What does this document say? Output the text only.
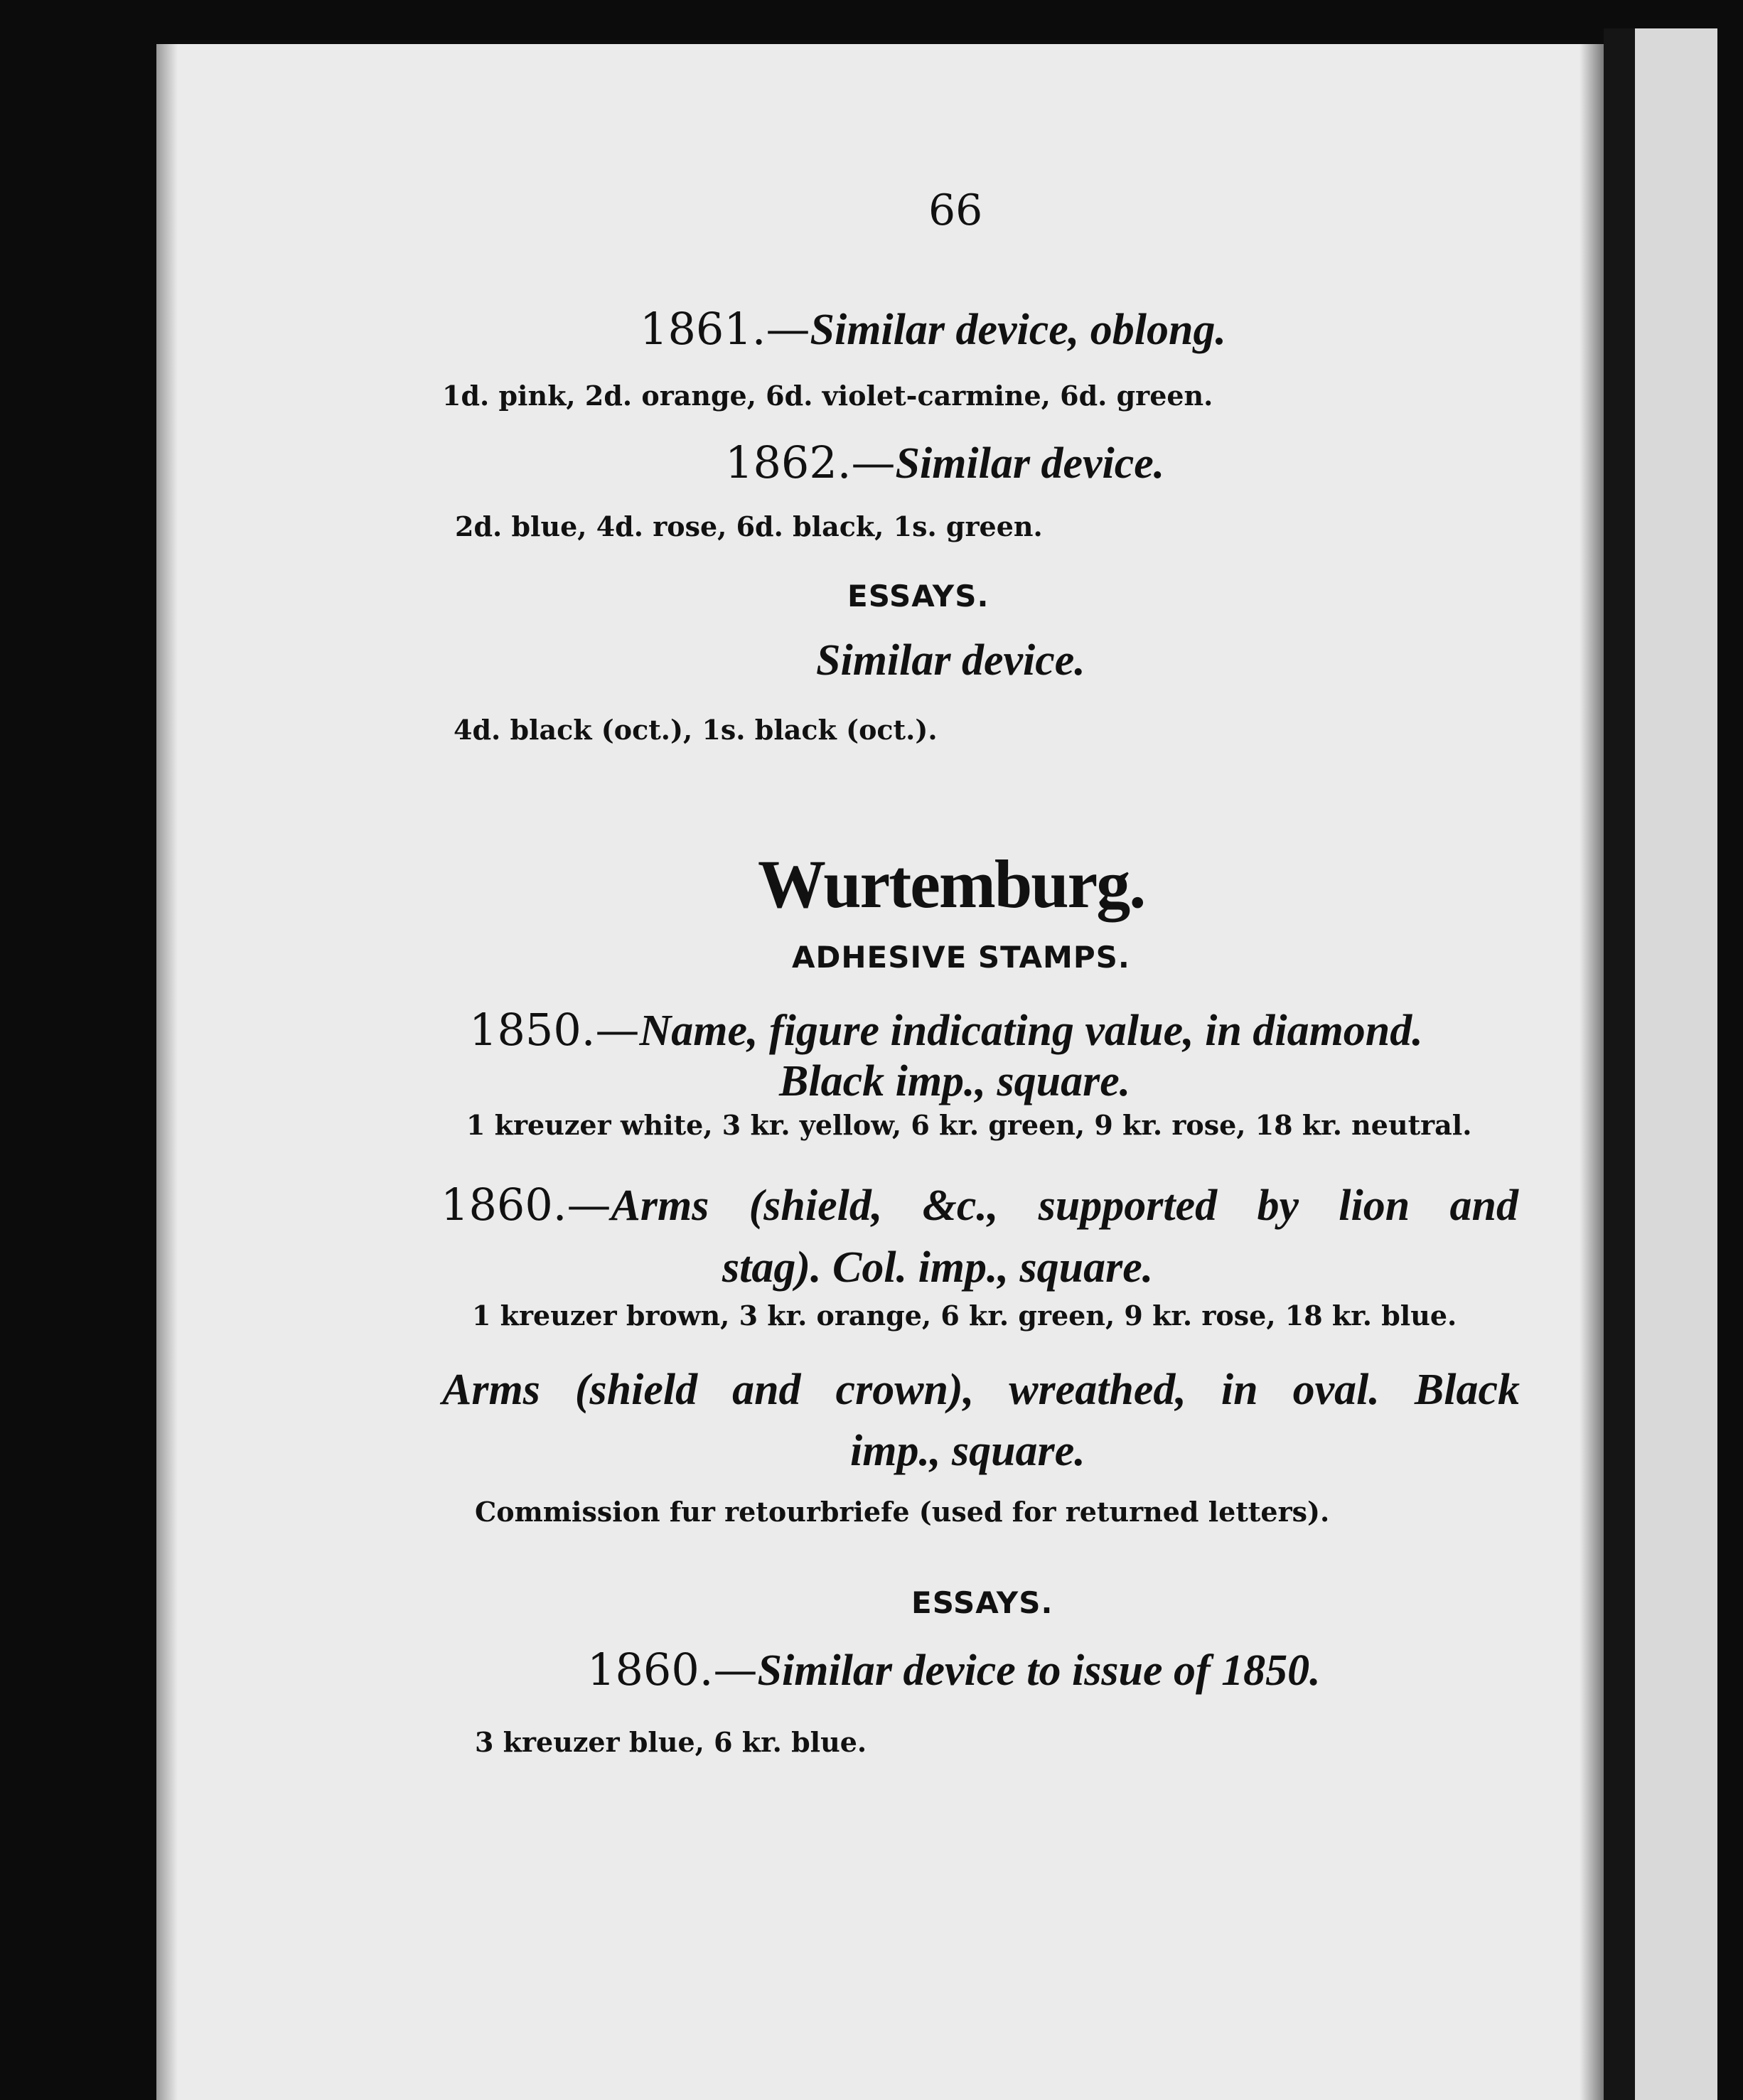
66
1861.—Similar device, oblong.
1d. pink, 2d. orange, 6d. violet-carmine, 6d. green.
1862.—Similar device.
2d. blue, 4d. rose, 6d. black, 1s. green.
ESSAYS.
Similar device.
4d. black (oct.), 1s. black (oct.).
Wurtemburg.
ADHESIVE STAMPS.
1850.—Name, figure indicating value, in diamond.
Black imp., square.
1 kreuzer white, 3 kr. yellow, 6 kr. green, 9 kr. rose, 18 kr. neutral.
1860.—Arms (shield, &c., supported by lion and
stag). Col. imp., square.
1 kreuzer brown, 3 kr. orange, 6 kr. green, 9 kr. rose, 18 kr. blue.
Arms (shield and crown), wreathed, in oval. Black
imp., square.
Commission fur retourbriefe (used for returned letters).
ESSAYS.
1860.—Similar device to issue of 1850.
3 kreuzer blue, 6 kr. blue.
